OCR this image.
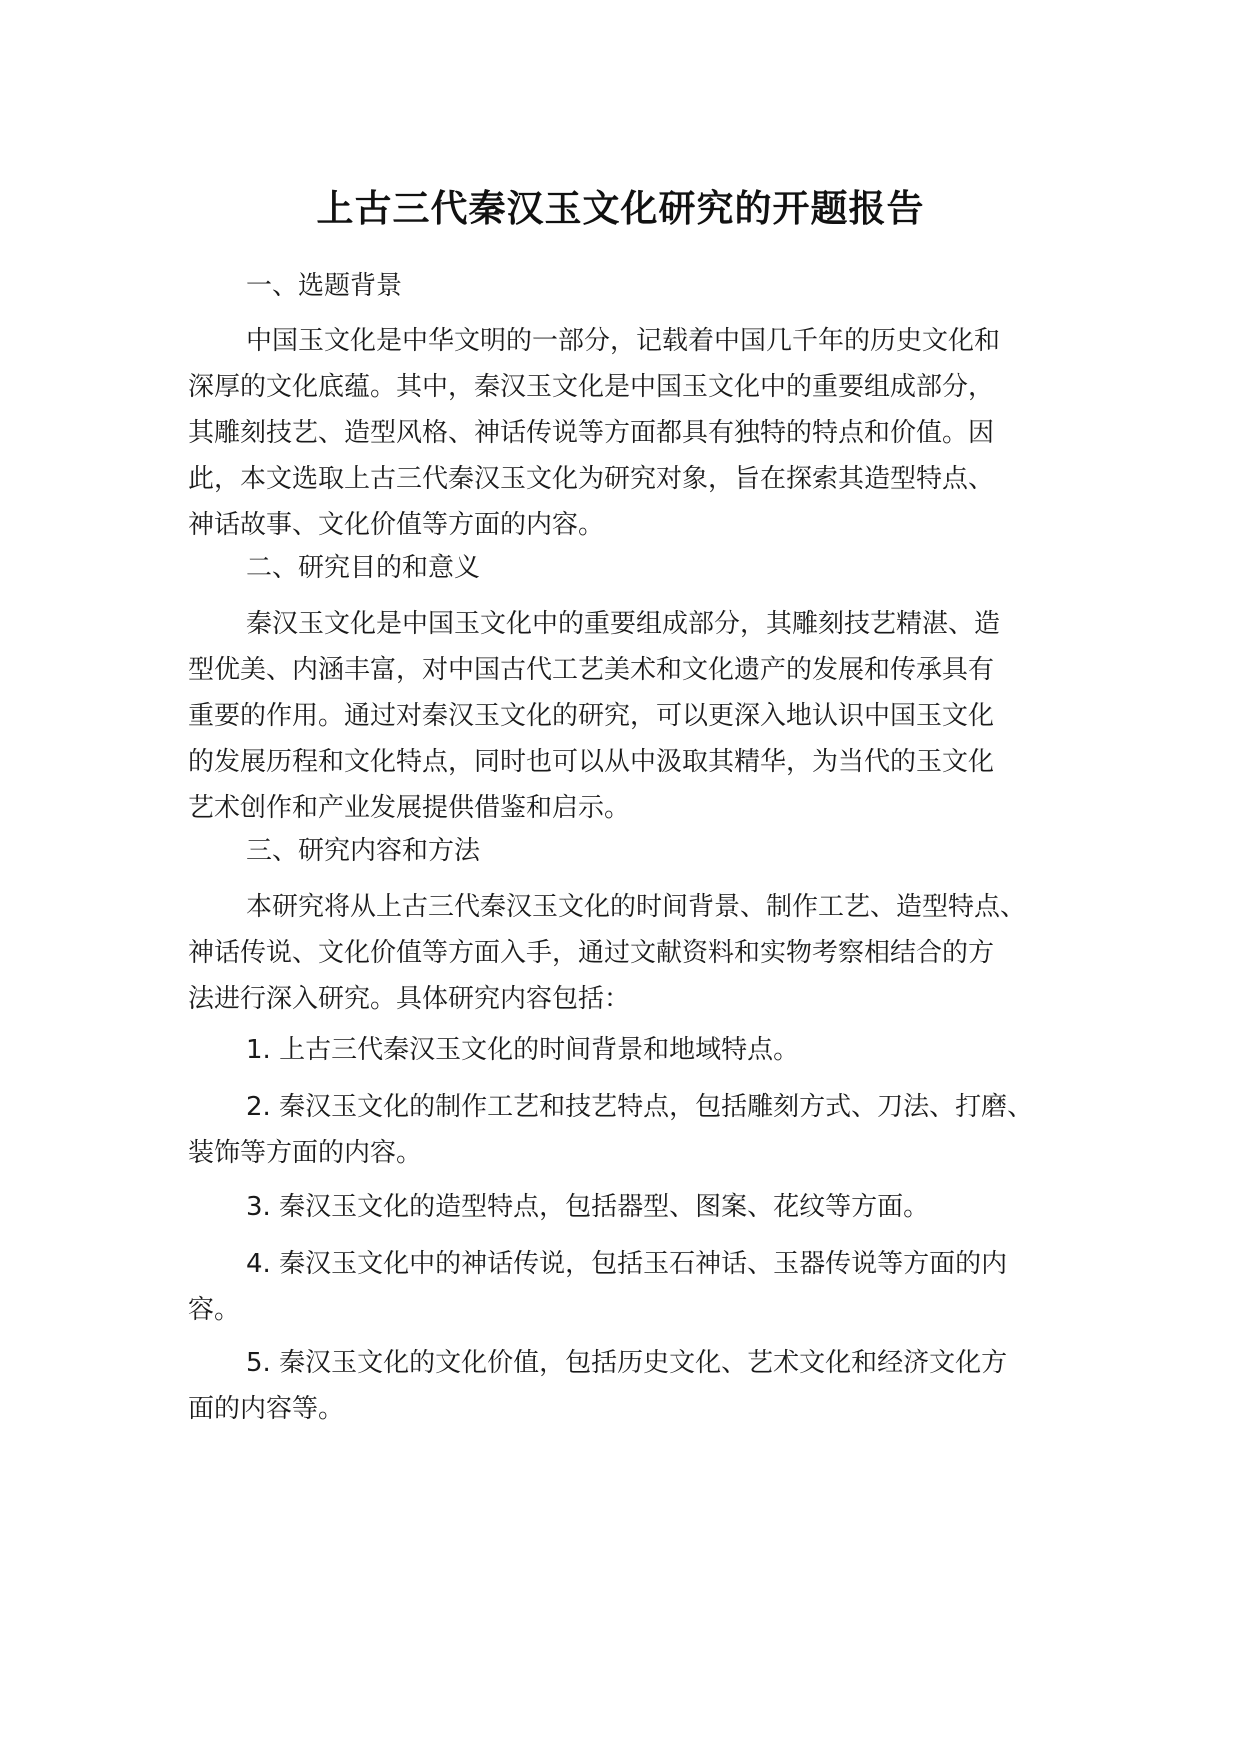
上古三代秦汉玉文化研究的开题报告

一、选题背景

中国玉文化是中华文明的一部分，记载着中国几千年的历史文化和
深厚的文化底蕴。其中，秦汉玉文化是中国玉文化中的重要组成部分，
其雕刻技艺、造型风格、神话传说等方面都具有独特的特点和价值。因
此，本文选取上古三代秦汉玉文化为研究对象，旨在探索其造型特点、
神话故事、文化价值等方面的内容。

二、研究目的和意义

秦汉玉文化是中国玉文化中的重要组成部分，其雕刻技艺精湛、造
型优美、内涵丰富，对中国古代工艺美术和文化遗产的发展和传承具有
重要的作用。通过对秦汉玉文化的研究，可以更深入地认识中国玉文化
的发展历程和文化特点，同时也可以从中汲取其精华，为当代的玉文化
艺术创作和产业发展提供借鉴和启示。

三、研究内容和方法

本研究将从上古三代秦汉玉文化的时间背景、制作工艺、造型特点、
神话传说、文化价值等方面入手，通过文献资料和实物考察相结合的方
法进行深入研究。具体研究内容包括：
1. 上古三代秦汉玉文化的时间背景和地域特点。
2. 秦汉玉文化的制作工艺和技艺特点，包括雕刻方式、刀法、打磨、
装饰等方面的内容。
3. 秦汉玉文化的造型特点，包括器型、图案、花纹等方面。
4. 秦汉玉文化中的神话传说，包括玉石神话、玉器传说等方面的内
容。
5. 秦汉玉文化的文化价值，包括历史文化、艺术文化和经济文化方
面的内容等。
